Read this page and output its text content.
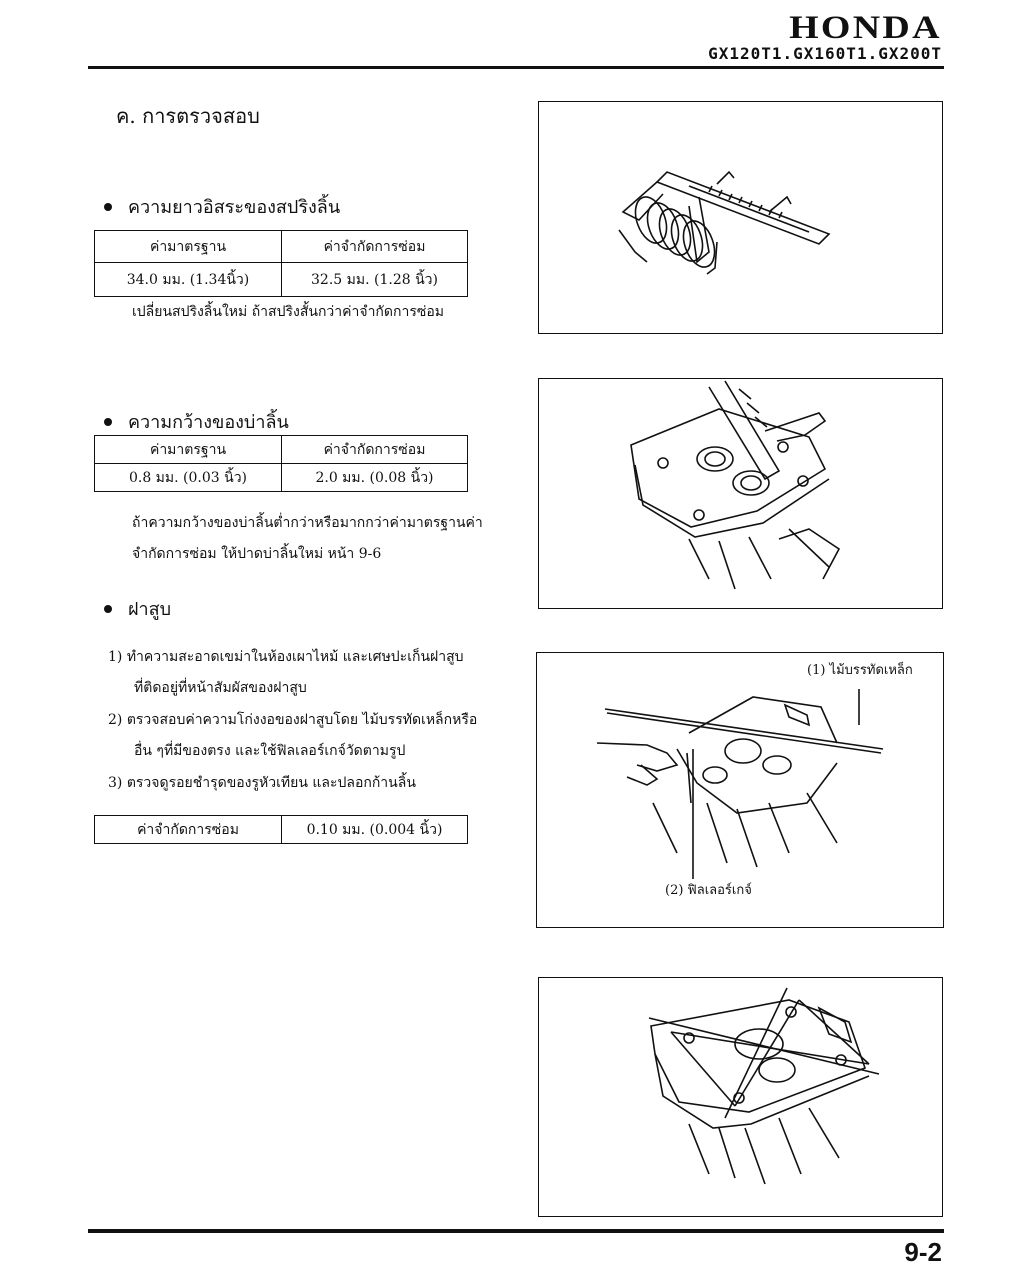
HONDA
GX120T1.GX160T1.GX200T
ค. การตรวจสอบ
ความยาวอิสระของสปริงลิ้น
ค่ามาตรฐาน	ค่าจำกัดการซ่อม
34.0 มม. (1.34นิ้ว)	32.5 มม. (1.28 นิ้ว)
เปลี่ยนสปริงลิ้นใหม่ ถ้าสปริงสั้นกว่าค่าจำกัดการซ่อม
ความกว้างของบ่าลิ้น
ค่ามาตรฐาน	ค่าจำกัดการซ่อม
0.8 มม. (0.03 นิ้ว)	2.0 มม. (0.08 นิ้ว)
ถ้าความกว้างของบ่าลิ้นต่ำกว่าหรือมากกว่าค่ามาตรฐานค่า
จำกัดการซ่อม ให้ปาดบ่าลิ้นใหม่ หน้า 9-6
ฝาสูบ
1) ทำความสะอาดเขม่าในห้องเผาไหม้ และเศษปะเก็นฝาสูบ
ที่ติดอยู่ที่หน้าสัมผัสของฝาสูบ
2) ตรวจสอบค่าความโก่งงอของฝาสูบโดย ไม้บรรทัดเหล็กหรือ
อื่น ๆที่มีของตรง และใช้ฟิลเลอร์เกจ์วัดตามรูป
3) ตรวจดูรอยชำรุดของรูหัวเทียน และปลอกก้านลิ้น
ค่าจำกัดการซ่อม	0.10 มม. (0.004 นิ้ว)
(1) ไม้บรรทัดเหล็ก
(2) ฟิลเลอร์เกจ์
9-2
